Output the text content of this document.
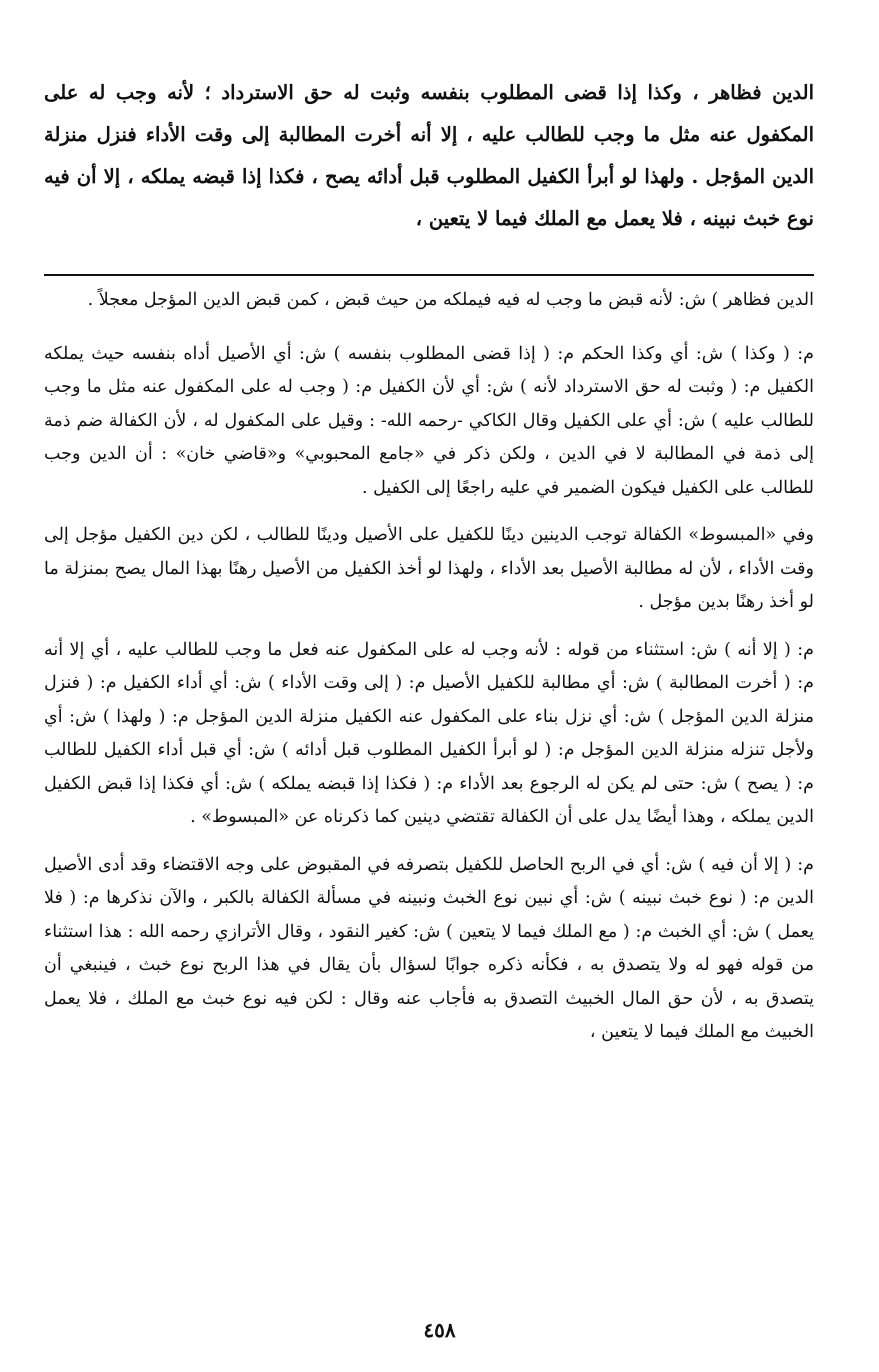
الدين فظاهر ، وكذا إذا قضى المطلوب بنفسه وثبت له حق الاسترداد ؛ لأنه وجب له على المكفول عنه مثل ما وجب للطالب عليه ، إلا أنه أخرت المطالبة إلى وقت الأداء فنزل منزلة الدين المؤجل . ولهذا لو أبرأ الكفيل المطلوب قبل أدائه يصح ، فكذا إذا قبضه يملكه ، إلا أن فيه نوع خبث نبينه ، فلا يعمل مع الملك فيما لا يتعين ،

الدين فظاهر ) ش: لأنه قبض ما وجب له فيه فيملكه من حيث قبض ، كمن قبض الدين المؤجل معجلاً .

م: ( وكذا ) ش: أي وكذا الحكم م: ( إذا قضى المطلوب بنفسه ) ش: أي الأصيل أداه بنفسه حيث يملكه الكفيل م: ( وثبت له حق الاسترداد لأنه ) ش: أي لأن الكفيل م: ( وجب له على المكفول عنه مثل ما وجب للطالب عليه ) ش: أي على الكفيل وقال الكاكي -رحمه الله- : وقيل على المكفول له ، لأن الكفالة ضم ذمة إلى ذمة في المطالبة لا في الدين ، ولكن ذكر في «جامع المحبوبي» و«قاضي خان» : أن الدين وجب للطالب على الكفيل فيكون الضمير في عليه راجعًا إلى الكفيل .

وفي «المبسوط» الكفالة توجب الدينين دينًا للكفيل على الأصيل ودينًا للطالب ، لكن دين الكفيل مؤجل إلى وقت الأداء ، لأن له مطالبة الأصيل بعد الأداء ، ولهذا لو أخذ الكفيل من الأصيل رهنًا بهذا المال يصح بمنزلة ما لو أخذ رهنًا بدين مؤجل .

م: ( إلا أنه ) ش: استثناء من قوله : لأنه وجب له على المكفول عنه فعل ما وجب للطالب عليه ، أي إلا أنه م: ( أخرت المطالبة ) ش: أي مطالبة للكفيل الأصيل م: ( إلى وقت الأداء ) ش: أي أداء الكفيل م: ( فنزل منزلة الدين المؤجل ) ش: أي نزل بناء على المكفول عنه الكفيل منزلة الدين المؤجل م: ( ولهذا ) ش: أي ولأجل تنزله منزلة الدين المؤجل م: ( لو أبرأ الكفيل المطلوب قبل أدائه ) ش: أي قبل أداء الكفيل للطالب م: ( يصح ) ش: حتى لم يكن له الرجوع بعد الأداء م: ( فكذا إذا قبضه يملكه ) ش: أي فكذا إذا قبض الكفيل الدين يملكه ، وهذا أيضًا يدل على أن الكفالة تقتضي دينين كما ذكرناه عن «المبسوط» .

م: ( إلا أن فيه ) ش: أي في الربح الحاصل للكفيل بتصرفه في المقبوض على وجه الاقتضاء وقد أدى الأصيل الدين م: ( نوع خبث نبينه ) ش: أي نبين نوع الخبث ونبينه في مسألة الكفالة بالكبر ، والآن نذكرها م: ( فلا يعمل ) ش: أي الخبث م: ( مع الملك فيما لا يتعين ) ش: كغير النقود ، وقال الأترازي رحمه الله : هذا استثناء من قوله فهو له ولا يتصدق به ، فكأنه ذكره جوابًا لسؤال بأن يقال في هذا الربح نوع خبث ، فينبغي أن يتصدق به ، لأن حق المال الخبيث التصدق به فأجاب عنه وقال : لكن فيه نوع خبث مع الملك ، فلا يعمل الخبيث مع الملك فيما لا يتعين ،

٤٥٨
